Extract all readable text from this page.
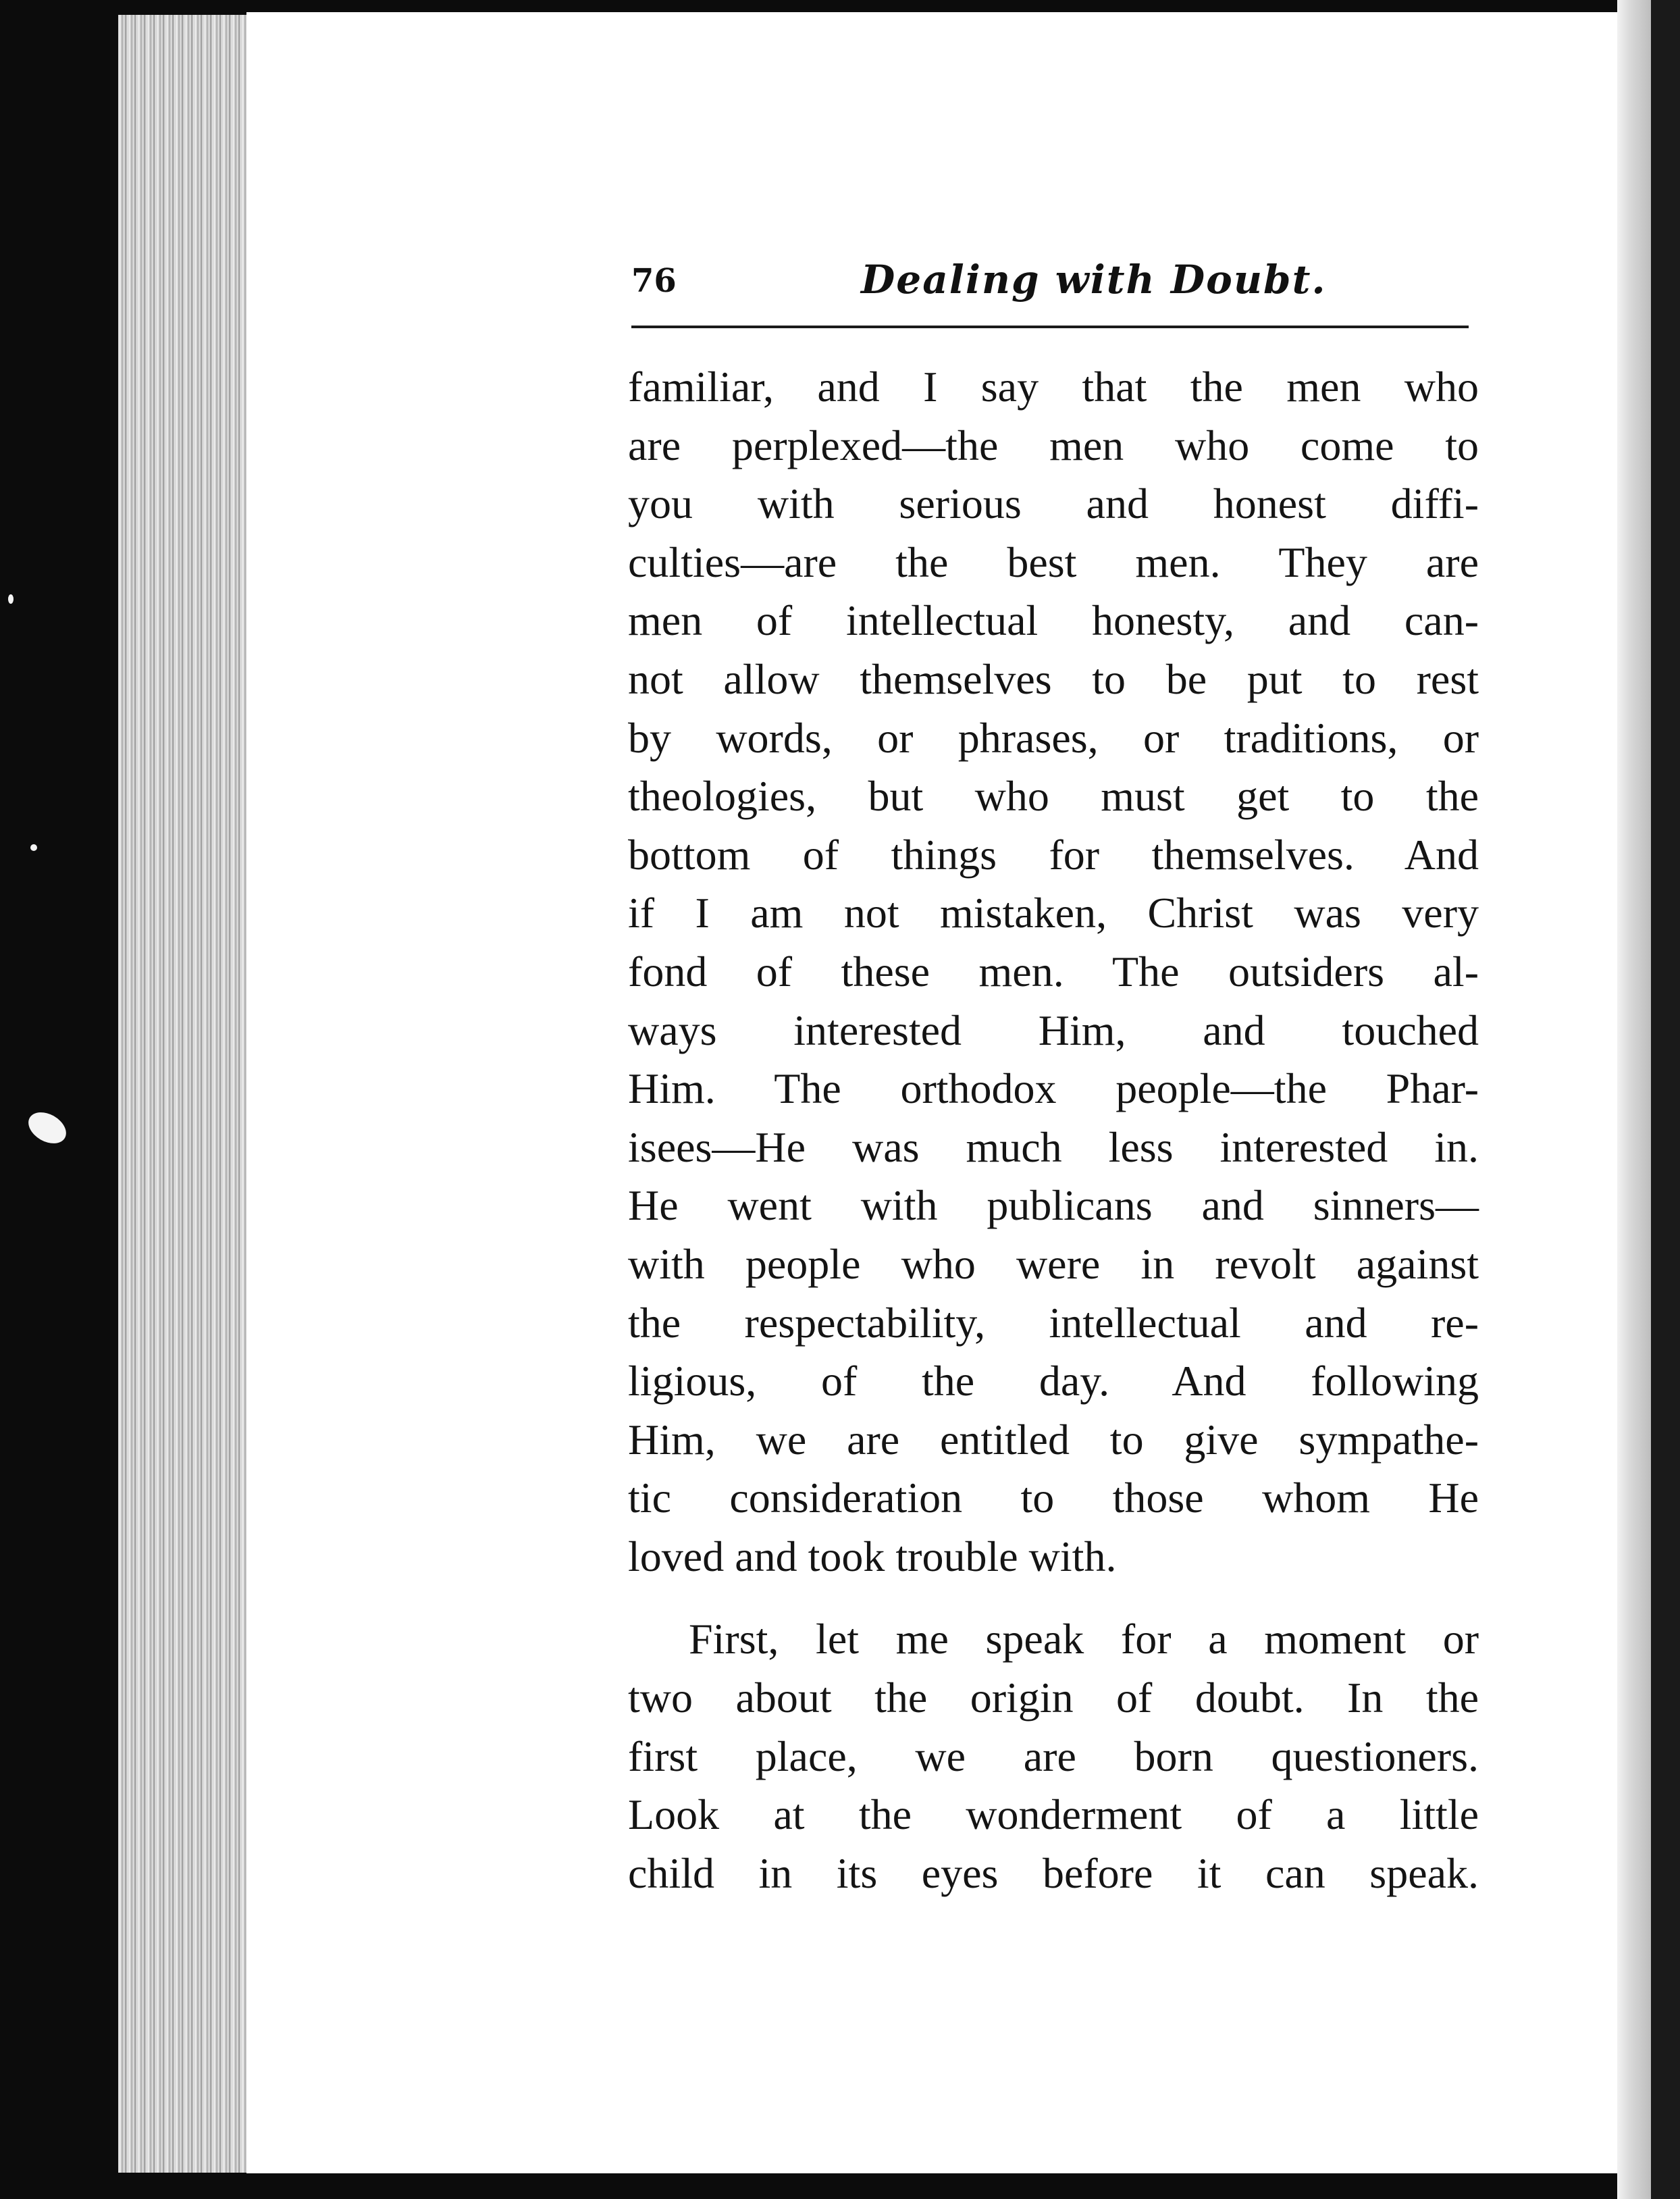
76	Dealing with Doubt.
familiar, and I say that the men who
are perplexed—the men who come to
you with serious and honest diffi-
culties—are the best men. They are
men of intellectual honesty, and can-
not allow themselves to be put to rest
by words, or phrases, or traditions, or
theologies, but who must get to the
bottom of things for themselves. And
if I am not mistaken, Christ was very
fond of these men. The outsiders al-
ways interested Him, and touched
Him. The orthodox people—the Phar-
isees—He was much less interested in.
He went with publicans and sinners—
with people who were in revolt against
the respectability, intellectual and re-
ligious, of the day. And following
Him, we are entitled to give sympathe-
tic consideration to those whom He
loved and took trouble with.
First, let me speak for a moment or
two about the origin of doubt. In the
first place, we are born questioners.
Look at the wonderment of a little
child in its eyes before it can speak.
